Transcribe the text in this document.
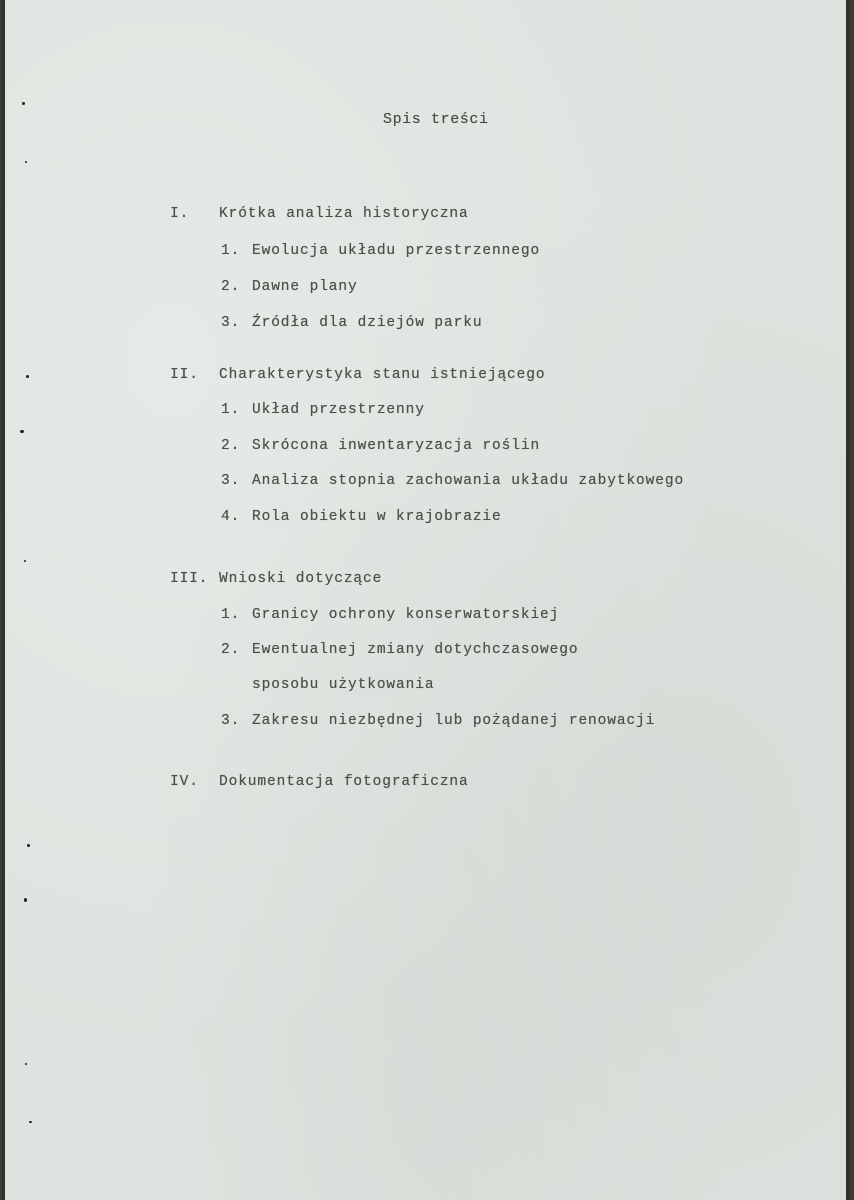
Spis treści
I. Krótka analiza historyczna
1. Ewolucja układu przestrzennego
2. Dawne plany
3. Źródła dla dziejów parku
II. Charakterystyka stanu istniejącego
1. Układ przestrzenny
2. Skrócona inwentaryzacja roślin
3. Analiza stopnia zachowania układu zabytkowego
4. Rola obiektu w krajobrazie
III. Wnioski dotyczące
1. Granicy ochrony konserwatorskiej
2. Ewentualnej zmiany dotychczasowego
sposobu użytkowania
3. Zakresu niezbędnej lub pożądanej renowacji
IV. Dokumentacja fotograficzna
